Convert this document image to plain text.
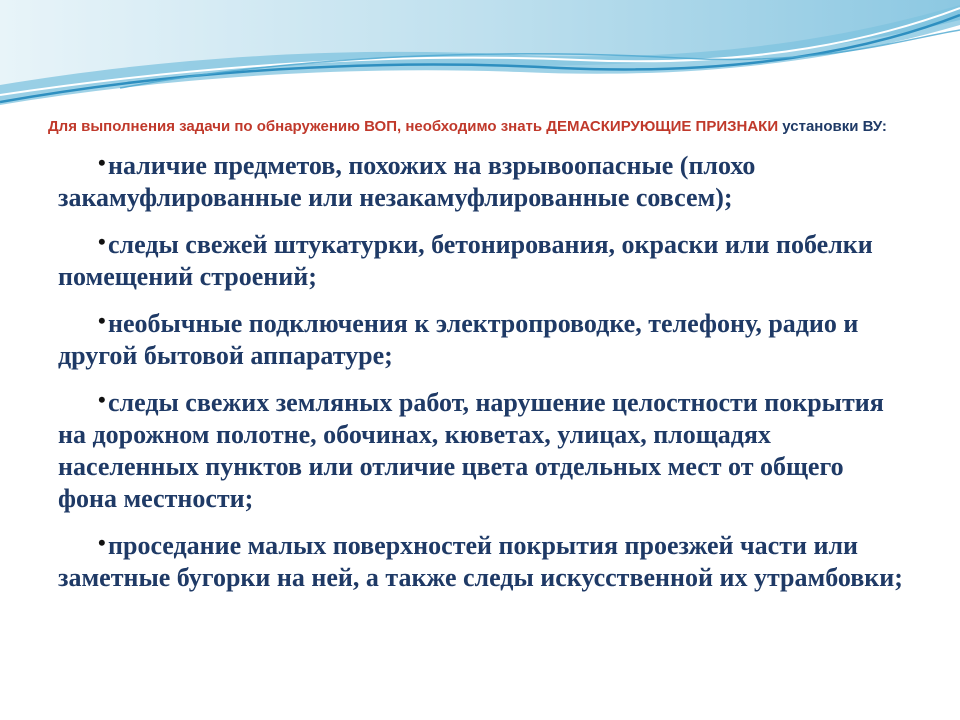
Для выполнения задачи по обнаружению ВОП, необходимо знать ДЕМАСКИРУЮЩИЕ ПРИЗНАКИ установки ВУ:

•наличие предметов, похожих на взрывоопасные (плохо закамуфлированные или незакамуфлированные совсем);
•следы свежей штукатурки, бетонирования, окраски или побелки помещений строений;
•необычные подключения к электропроводке, телефону, радио и другой бытовой аппаратуре;
•следы свежих земляных работ, нарушение целостности покрытия на дорожном полотне, обочинах, кюветах, улицах, площадях населенных пунктов или отличие цвета отдельных мест от общего фона местности;
•проседание малых поверхностей покрытия проезжей части или заметные бугорки на ней, а также следы искусственной их утрамбовки;
